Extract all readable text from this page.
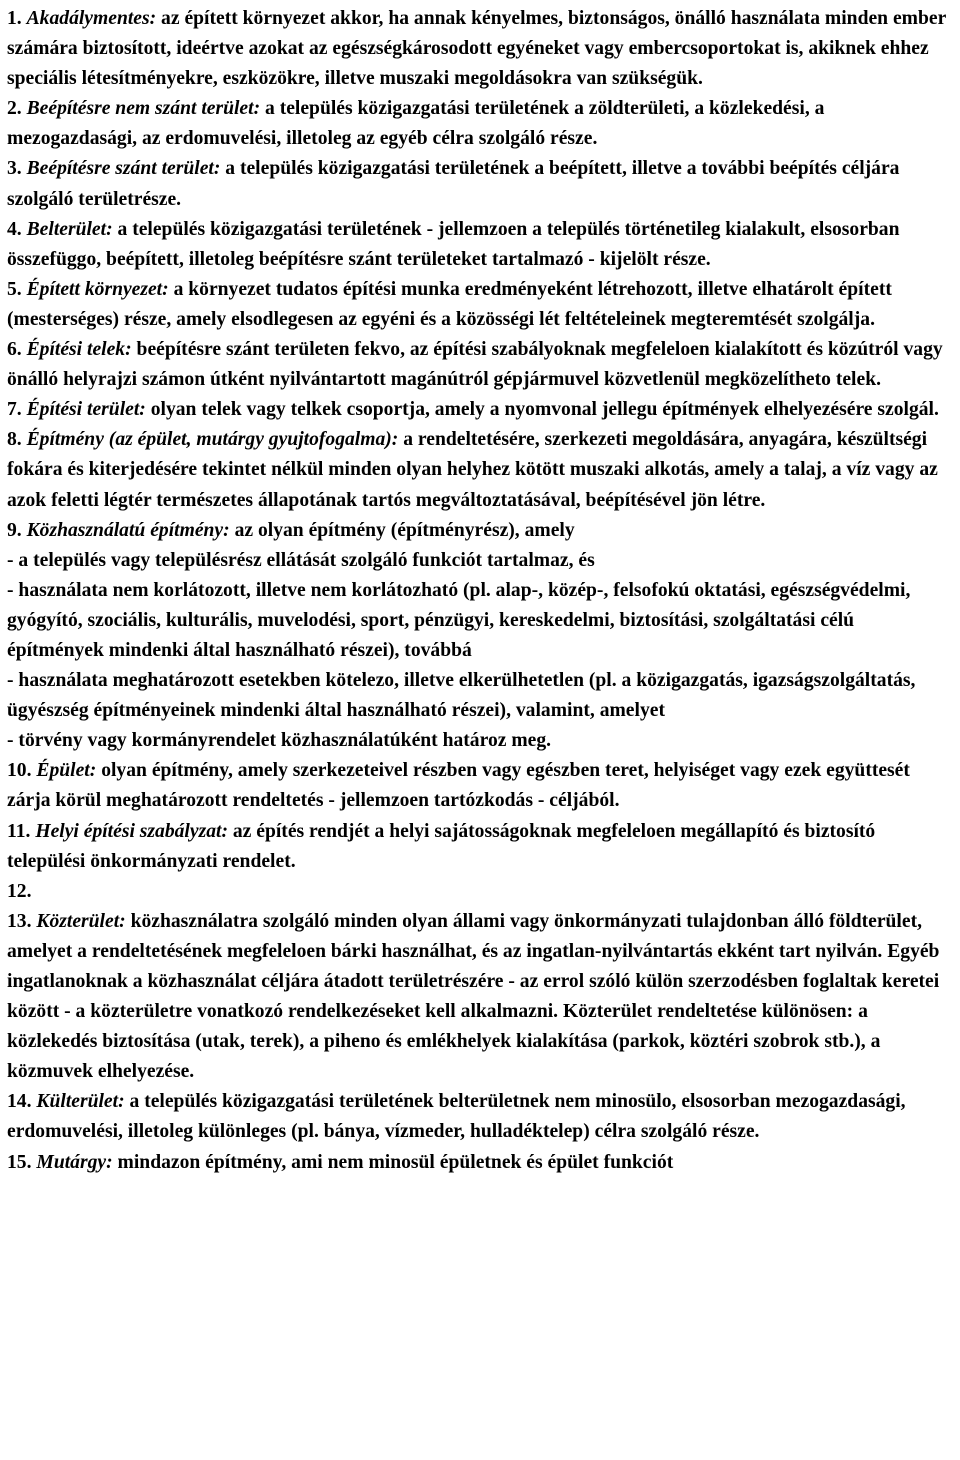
1. Akadálymentes: az épített környezet akkor, ha annak kényelmes, biztonságos, önálló használata minden ember számára biztosított, ideértve azokat az egészségkárosodott egyéneket vagy embercsoportokat is, akiknek ehhez speciális létesítményekre, eszközökre, illetve muszaki megoldásokra van szükségük.

2. Beépítésre nem szánt terület: a település közigazgatási területének a zöldterületi, a közlekedési, a mezogazdasági, az erdomuvelési, illetoleg az egyéb célra szolgáló része.

3. Beépítésre szánt terület: a település közigazgatási területének a beépített, illetve a további beépítés céljára szolgáló területrésze.

4. Belterület: a település közigazgatási területének - jellemzoen a település történetileg kialakult, elsosorban összefüggo, beépített, illetoleg beépítésre szánt területeket tartalmazó - kijelölt része.

5. Épített környezet: a környezet tudatos építési munka eredményeként létrehozott, illetve elhatárolt épített (mesterséges) része, amely elsodlegesen az egyéni és a közösségi lét feltételeinek megteremtését szolgálja.

6. Építési telek: beépítésre szánt területen fekvo, az építési szabályoknak megfeleloen kialakított és közútról vagy önálló helyrajzi számon útként nyilvántartott magánútról gépjármuvel közvetlenül megközelítheto telek.

7. Építési terület: olyan telek vagy telkek csoportja, amely a nyomvonal jellegu építmények elhelyezésére szolgál.

8. Építmény (az épület, mutárgy gyujtofogalma): a rendeltetésére, szerkezeti megoldására, anyagára, készültségi fokára és kiterjedésére tekintet nélkül minden olyan helyhez kötött muszaki alkotás, amely a talaj, a víz vagy az azok feletti légtér természetes állapotának tartós megváltoztatásával, beépítésével jön létre.

9. Közhasználatú építmény: az olyan építmény (építményrész), amely
- a település vagy településrész ellátását szolgáló funkciót tartalmaz, és
- használata nem korlátozott, illetve nem korlátozható (pl. alap-, közép-, felsofokú oktatási, egészségvédelmi, gyógyító, szociális, kulturális, muvelodési, sport, pénzügyi, kereskedelmi, biztosítási, szolgáltatási célú építmények mindenki által használható részei), továbbá
- használata meghatározott esetekben kötelezo, illetve elkerülhetetlen (pl. a közigazgatás, igazságszolgáltatás, ügyészség építményeinek mindenki által használható részei), valamint, amelyet
- törvény vagy kormányrendelet közhasználatúként határoz meg.

10. Épület: olyan építmény, amely szerkezeteivel részben vagy egészben teret, helyiséget vagy ezek együttesét zárja körül meghatározott rendeltetés - jellemzoen tartózkodás - céljából.

11. Helyi építési szabályzat: az építés rendjét a helyi sajátosságoknak megfeleloen megállapító és biztosító települési önkormányzati rendelet.

12.

13. Közterület: közhasználatra szolgáló minden olyan állami vagy önkormányzati tulajdonban álló földterület, amelyet a rendeltetésének megfeleloen bárki használhat, és az ingatlan-nyilvántartás ekként tart nyilván. Egyéb ingatlanoknak a közhasználat céljára átadott területrészére - az errol szóló külön szerzodésben foglaltak keretei között - a közterületre vonatkozó rendelkezéseket kell alkalmazni. Közterület rendeltetése különösen: a közlekedés biztosítása (utak, terek), a piheno és emlékhelyek kialakítása (parkok, köztéri szobrok stb.), a közmuvek elhelyezése.

14. Külterület: a település közigazgatási területének belterületnek nem minosülo, elsosorban mezogazdasági, erdomuvelési, illetoleg különleges (pl. bánya, vízmeder, hulladéktelep) célra szolgáló része.

15. Mutárgy: mindazon építmény, ami nem minosül épületnek és épület funkciót
